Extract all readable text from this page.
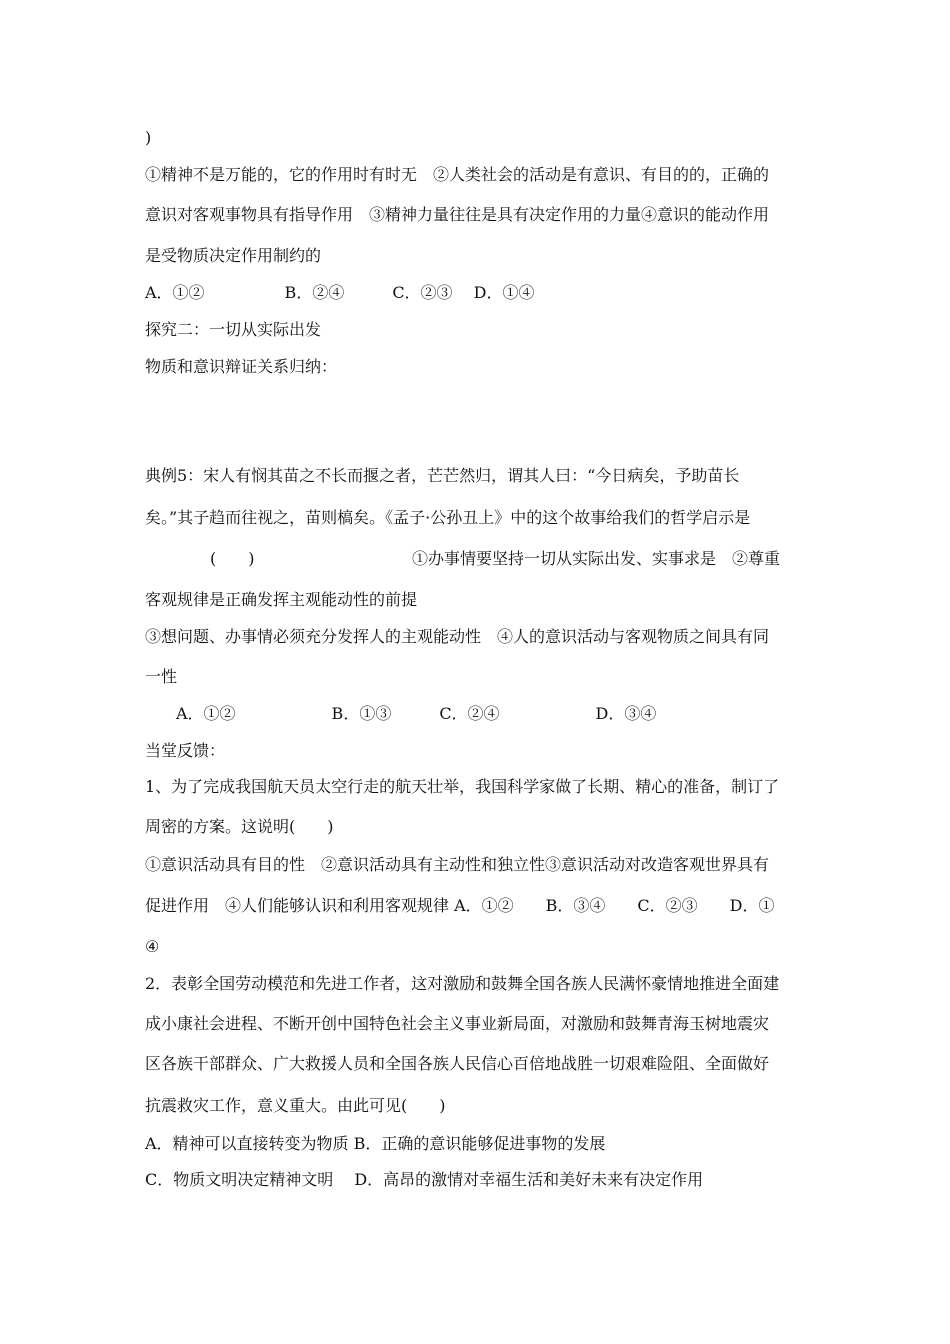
)
①精神不是万能的，它的作用时有时无　②人类社会的活动是有意识、有目的的，正确的
意识对客观事物具有指导作用　③精神力量往往是具有决定作用的力量④意识的能动作用
是受物质决定作用制约的
A．①②　　　　　B．②④　　　C．②③　 D．①④
探究二：一切从实际出发
物质和意识辩证关系归纳：
典例5：宋人有悯其苗之不长而揠之者，芒芒然归，谓其人曰：“今日病矣，予助苗长
矣。”其子趋而往视之，苗则槁矣。《孟子·公孙丑上》中的这个故事给我们的哲学启示是
(　　)	①办事情要坚持一切从实际出发、实事求是　②尊重
客观规律是正确发挥主观能动性的前提
③想问题、办事情必须充分发挥人的主观能动性　④人的意识活动与客观物质之间具有同
一性
A．①②　　　　　　B．①③　　　C．②④　　　　　　D．③④
当堂反馈：
1、为了完成我国航天员太空行走的航天壮举，我国科学家做了长期、精心的准备，制订了
周密的方案。这说明(　　)
①意识活动具有目的性　②意识活动具有主动性和独立性③意识活动对改造客观世界具有
促进作用　④人们能够认识和利用客观规律 A．①②　　B．③④　　C．②③　　D．①
④
2．表彰全国劳动模范和先进工作者，这对激励和鼓舞全国各族人民满怀豪情地推进全面建
成小康社会进程、不断开创中国特色社会主义事业新局面，对激励和鼓舞青海玉树地震灾
区各族干部群众、广大救援人员和全国各族人民信心百倍地战胜一切艰难险阻、全面做好
抗震救灾工作，意义重大。由此可见(　　)
A．精神可以直接转变为物质 B．正确的意识能够促进事物的发展
C．物质文明决定精神文明　 D．高昂的激情对幸福生活和美好未来有决定作用
